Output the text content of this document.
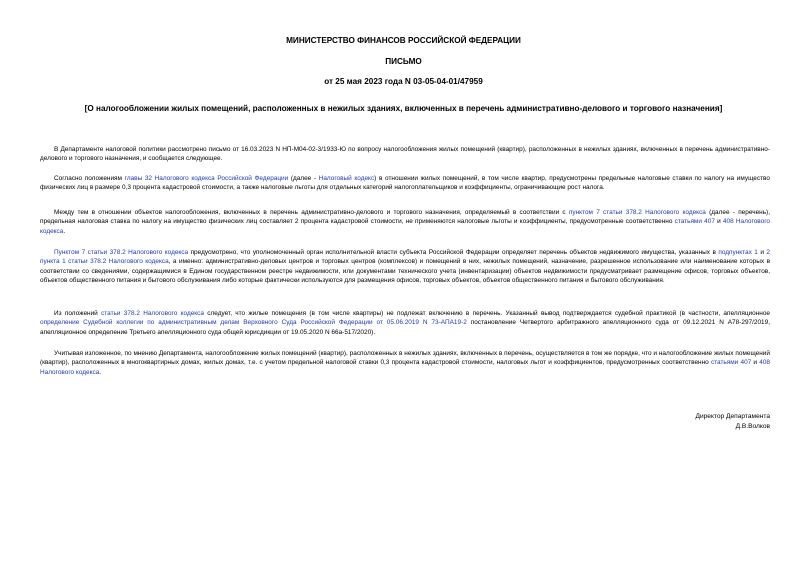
МИНИСТЕРСТВО ФИНАНСОВ РОССИЙСКОЙ ФЕДЕРАЦИИ
ПИСЬМО
от 25 мая 2023 года N 03-05-04-01/47959
[О налогообложении жилых помещений, расположенных в нежилых зданиях, включенных в перечень административно-делового и торгового назначения]
В Департаменте налоговой политики рассмотрено письмо от 16.03.2023 N НП-М04-02-3/1933-Ю по вопросу налогообложения жилых помещений (квартир), расположенных в нежилых зданиях, включенных в перечень административно-делового и торгового назначения, и сообщается следующее.
Согласно положениям главы 32 Налогового кодекса Российской Федерации (далее - Налоговый кодекс) в отношении жилых помещений, в том числе квартир, предусмотрены предельные налоговые ставки по налогу на имущество физических лиц в размере 0,3 процента кадастровой стоимости, а также налоговые льготы для отдельных категорий налогоплательщиков и коэффициенты, ограничивающие рост налога.
Между тем в отношении объектов налогообложения, включенных в перечень административно-делового и торгового назначения, определяемый в соответствии с пунктом 7 статьи 378.2 Налогового кодекса (далее - перечень), предельная налоговая ставка по налогу на имущество физических лиц составляет 2 процента кадастровой стоимости, не применяются налоговые льготы и коэффициенты, предусмотренные соответственно статьями 407 и 408 Налогового кодекса.
Пунктом 7 статьи 378.2 Налогового кодекса предусмотрено, что уполномоченный орган исполнительной власти субъекта Российской Федерации определяет перечень объектов недвижимого имущества, указанных в подпунктах 1 и 2 пункта 1 статьи 378.2 Налогового кодекса, а именно: административно-деловых центров и торговых центров (комплексов) и помещений в них, нежилых помещений, назначение, разрешенное использование или наименование которых в соответствии со сведениями, содержащимися в Едином государственном реестре недвижимости, или документами технического учета (инвентаризации) объектов недвижимости предусматривает размещение офисов, торговых объектов, объектов общественного питания и бытового обслуживания либо которые фактически используются для размещения офисов, торговых объектов, объектов общественного питания и бытового обслуживания.
Из положений статьи 378.2 Налогового кодекса следует, что жилые помещения (в том числе квартиры) не подлежат включению в перечень. Указанный вывод подтверждается судебной практикой (в частности, апелляционное определение Судебной коллегии по административным делам Верховного Суда Российской Федерации от 05.06.2019 N 73-АПА19-2 постановление Четвертого арбитражного апелляционного суда от 09.12.2021 N А78-297/2019, апелляционное определение Третьего апелляционного суда общей юрисдикции от 19.05.2020 N 66а-517/2020).
Учитывая изложенное, по мнению Департамента, налогообложение жилых помещений (квартир), расположенных в нежилых зданиях, включенных в перечень, осуществляется в том же порядке, что и налогообложение жилых помещений (квартир), расположенных в многоквартирных домах, жилых домах, т.е. с учетом предельной налоговой ставки 0,3 процента кадастровой стоимости, налоговых льгот и коэффициентов, предусмотренных соответственно статьями 407 и 408 Налогового кодекса.
Директор Департамента
Д.В.Волков
